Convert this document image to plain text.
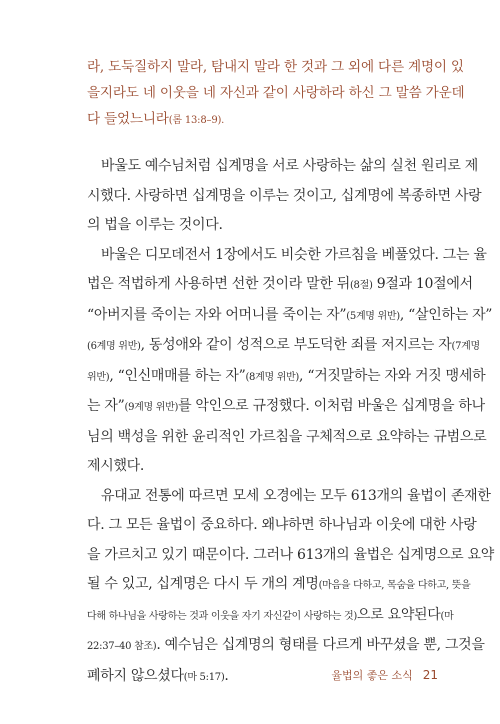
라, 도둑질하지 말라, 탐내지 말라 한 것과 그 외에 다른 계명이 있
을지라도 네 이웃을 네 자신과 같이 사랑하라 하신 그 말씀 가운데
다 들었느니라(롬 13:8–9).
바울도 예수님처럼 십계명을 서로 사랑하는 삶의 실천 원리로 제
시했다. 사랑하면 십계명을 이루는 것이고, 십계명에 복종하면 사랑
의 법을 이루는 것이다.
바울은 디모데전서 1장에서도 비슷한 가르침을 베풀었다. 그는 율
법은 적법하게 사용하면 선한 것이라 말한 뒤(8절) 9절과 10절에서
“아버지를 죽이는 자와 어머니를 죽이는 자”(5계명 위반), “살인하는 자”
(6계명 위반), 동성애와 같이 성적으로 부도덕한 죄를 저지르는 자(7계명
위반), “인신매매를 하는 자”(8계명 위반), “거짓말하는 자와 거짓 맹세하
는 자”(9계명 위반)를 악인으로 규정했다. 이처럼 바울은 십계명을 하나
님의 백성을 위한 윤리적인 가르침을 구체적으로 요약하는 규범으로
제시했다.
유대교 전통에 따르면 모세 오경에는 모두 613개의 율법이 존재한
다. 그 모든 율법이 중요하다. 왜냐하면 하나님과 이웃에 대한 사랑
을 가르치고 있기 때문이다. 그러나 613개의 율법은 십계명으로 요약
될 수 있고, 십계명은 다시 두 개의 계명(마음을 다하고, 목숨을 다하고, 뜻을
다해 하나님을 사랑하는 것과 이웃을 자기 자신같이 사랑하는 것)으로 요약된다(마
22:37–40 참조). 예수님은 십계명의 형태를 다르게 바꾸셨을 뿐, 그것을
폐하지 않으셨다(마 5:17).	율법의 좋은 소식 21
